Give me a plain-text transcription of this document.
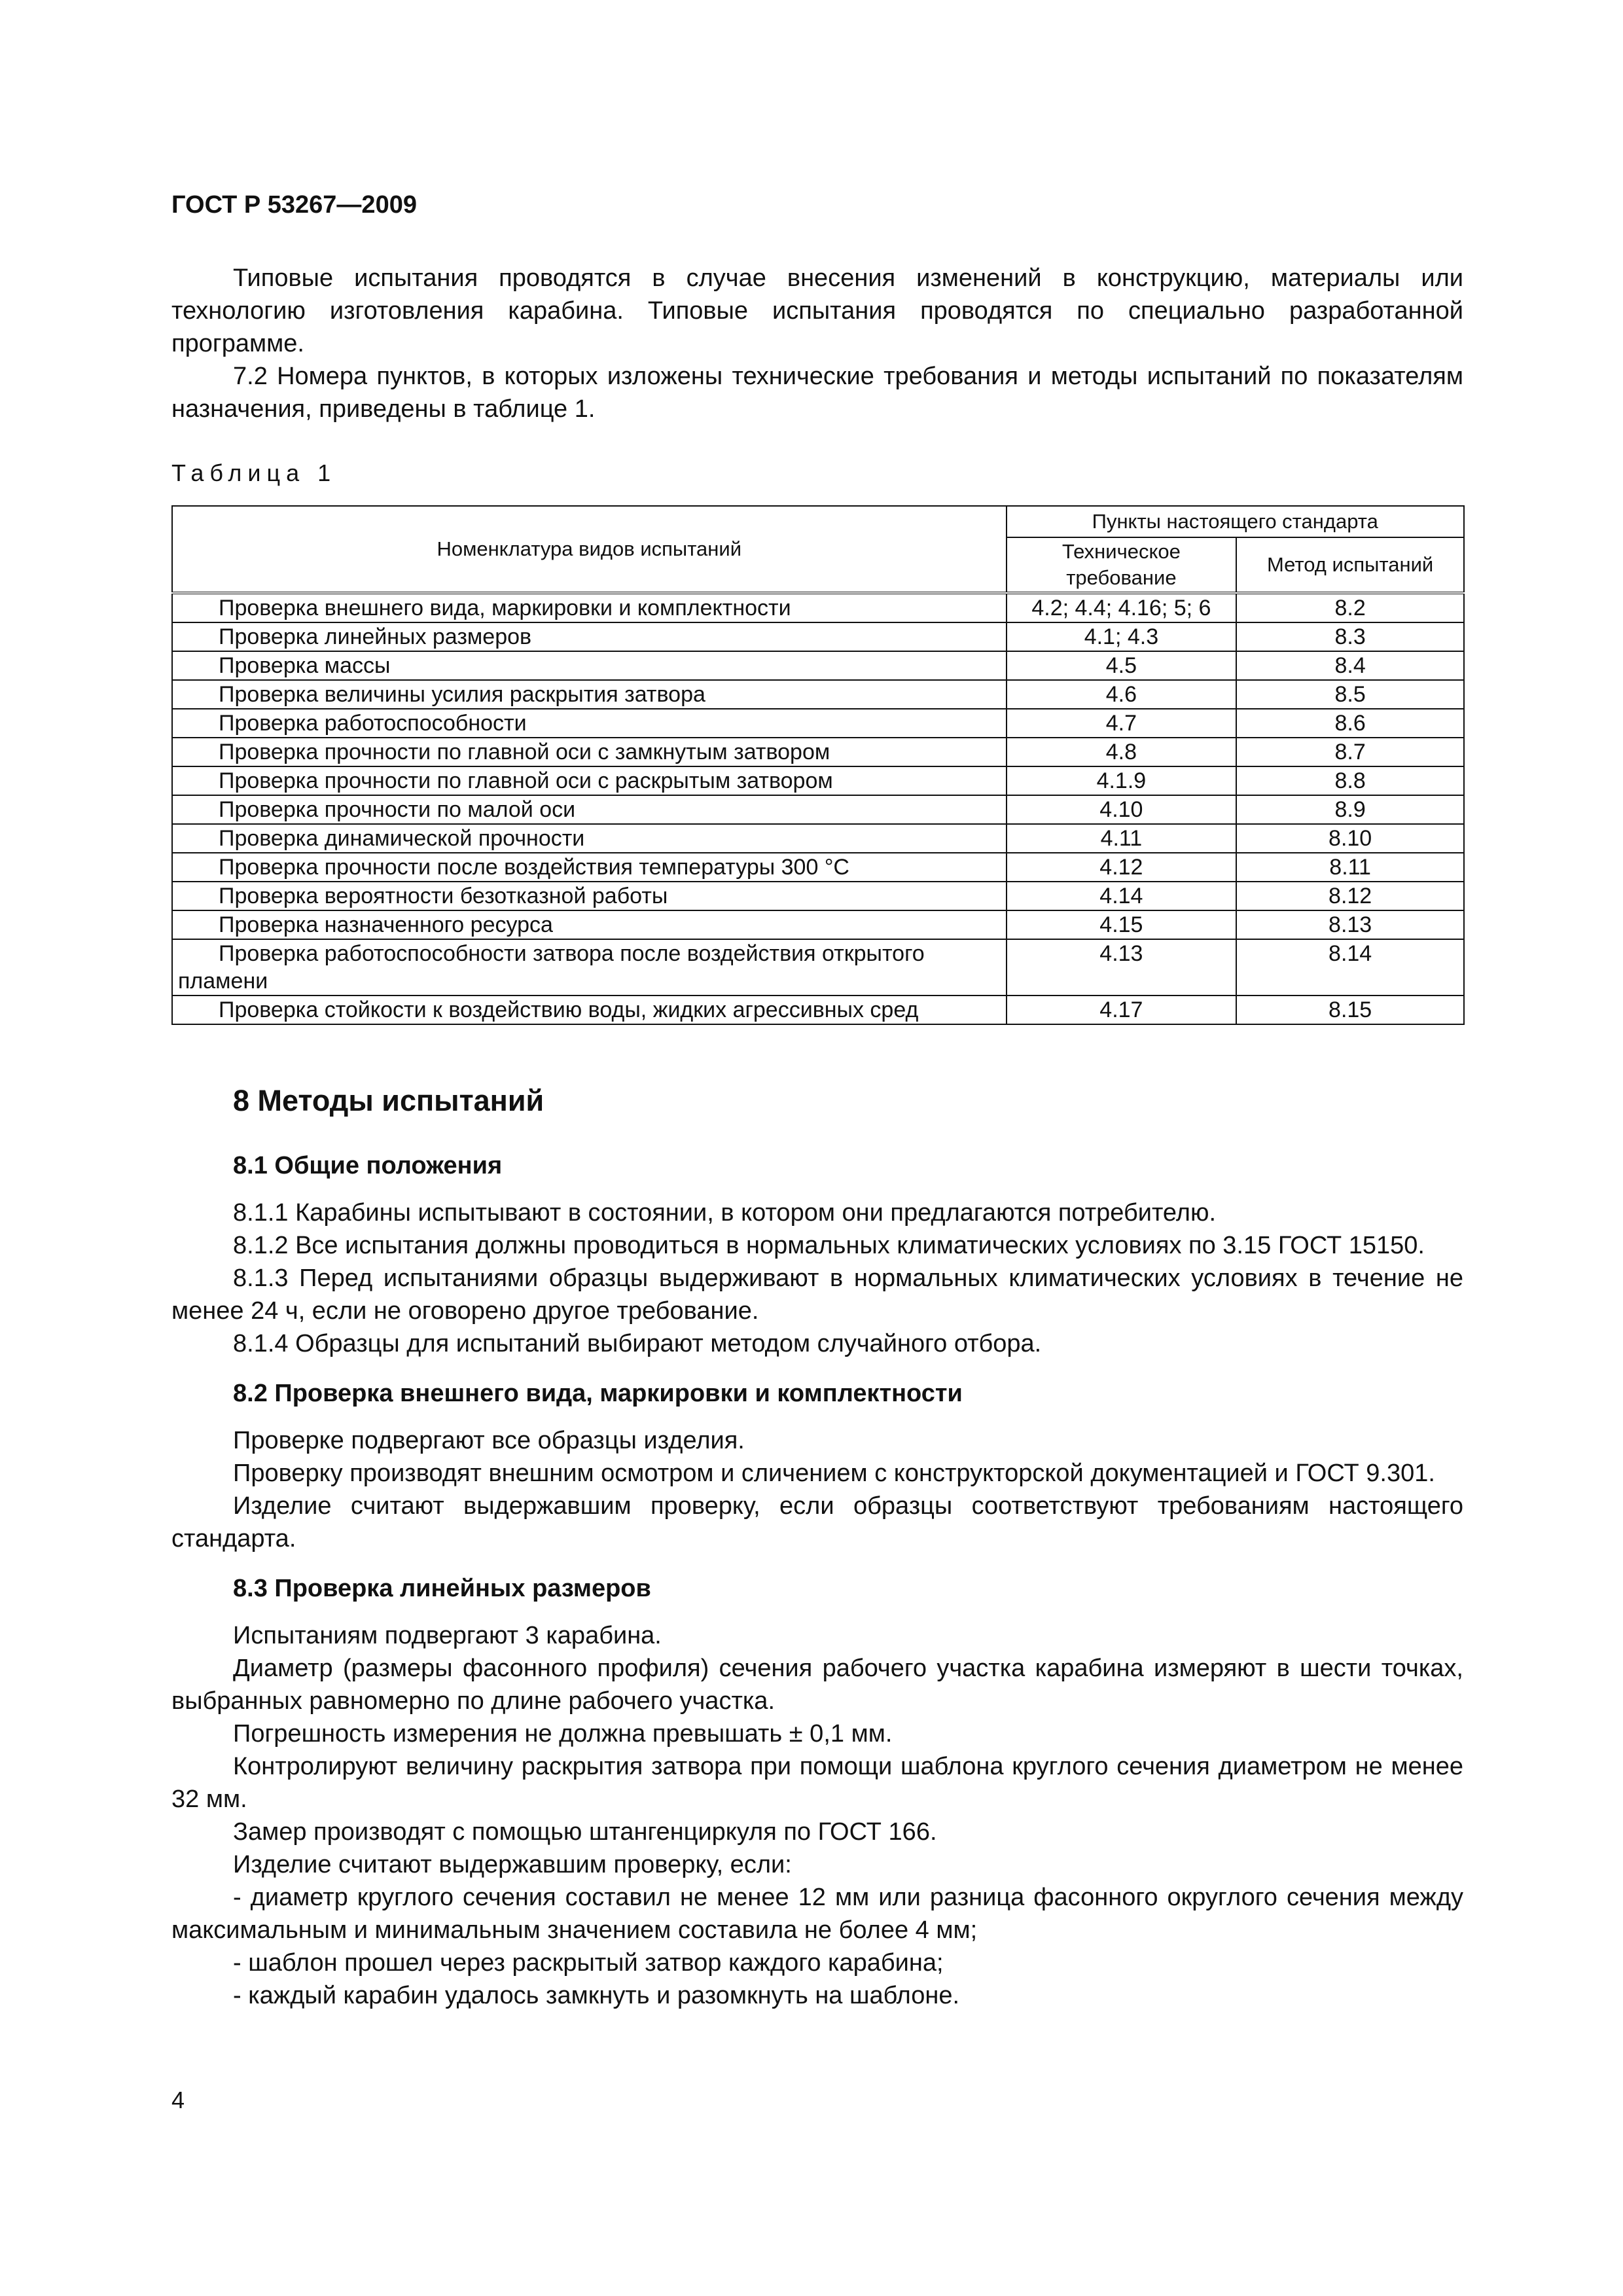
ГОСТ Р 53267—2009

Типовые испытания проводятся в случае внесения изменений в конструкцию, материалы или технологию изготовления карабина. Типовые испытания проводятся по специально разработанной программе.

7.2 Номера пунктов, в которых изложены технические требования и методы испытаний по показателям назначения, приведены в таблице 1.

Таблица 1
Номенклатура видов испытаний	Пункты настоящего стандарта	
	Техническое требование	Метод испытаний
Проверка внешнего вида, маркировки и комплектности	4.2; 4.4; 4.16; 5; 6	8.2
Проверка линейных размеров	4.1; 4.3	8.3
Проверка массы	4.5	8.4
Проверка величины усилия раскрытия затвора	4.6	8.5
Проверка работоспособности	4.7	8.6
Проверка прочности по главной оси с замкнутым затвором	4.8	8.7
Проверка прочности по главной оси с раскрытым затвором	4.1.9	8.8
Проверка прочности по малой оси	4.10	8.9
Проверка динамической прочности	4.11	8.10
Проверка прочности после воздействия температуры 300 °С	4.12	8.11
Проверка вероятности безотказной работы	4.14	8.12
Проверка назначенного ресурса	4.15	8.13
Проверка работоспособности затвора после воздействия открытого пламени	4.13	8.14
Проверка стойкости к воздействию воды, жидких агрессивных сред	4.17	8.15
8 Методы испытаний

8.1 Общие положения

8.1.1 Карабины испытывают в состоянии, в котором они предлагаются потребителю.

8.1.2 Все испытания должны проводиться в нормальных климатических условиях по 3.15 ГОСТ 15150.

8.1.3 Перед испытаниями образцы выдерживают в нормальных климатических условиях в течение не менее 24 ч, если не оговорено другое требование.

8.1.4 Образцы для испытаний выбирают методом случайного отбора.

8.2 Проверка внешнего вида, маркировки и комплектности

Проверке подвергают все образцы изделия.

Проверку производят внешним осмотром и сличением с конструкторской документацией и ГОСТ 9.301.

Изделие считают выдержавшим проверку, если образцы соответствуют требованиям настоящего стандарта.

8.3 Проверка линейных размеров

Испытаниям подвергают 3 карабина.

Диаметр (размеры фасонного профиля) сечения рабочего участка карабина измеряют в шести точках, выбранных равномерно по длине рабочего участка.

Погрешность измерения не должна превышать ± 0,1 мм.

Контролируют величину раскрытия затвора при помощи шаблона круглого сечения диаметром не менее 32 мм.

Замер производят с помощью штангенциркуля по ГОСТ 166.

Изделие считают выдержавшим проверку, если:

- диаметр круглого сечения составил не менее 12 мм или разница фасонного округлого сечения между максимальным и минимальным значением составила не более 4 мм;

- шаблон прошел через раскрытый затвор каждого карабина;

- каждый карабин удалось замкнуть и разомкнуть на шаблоне.

4
